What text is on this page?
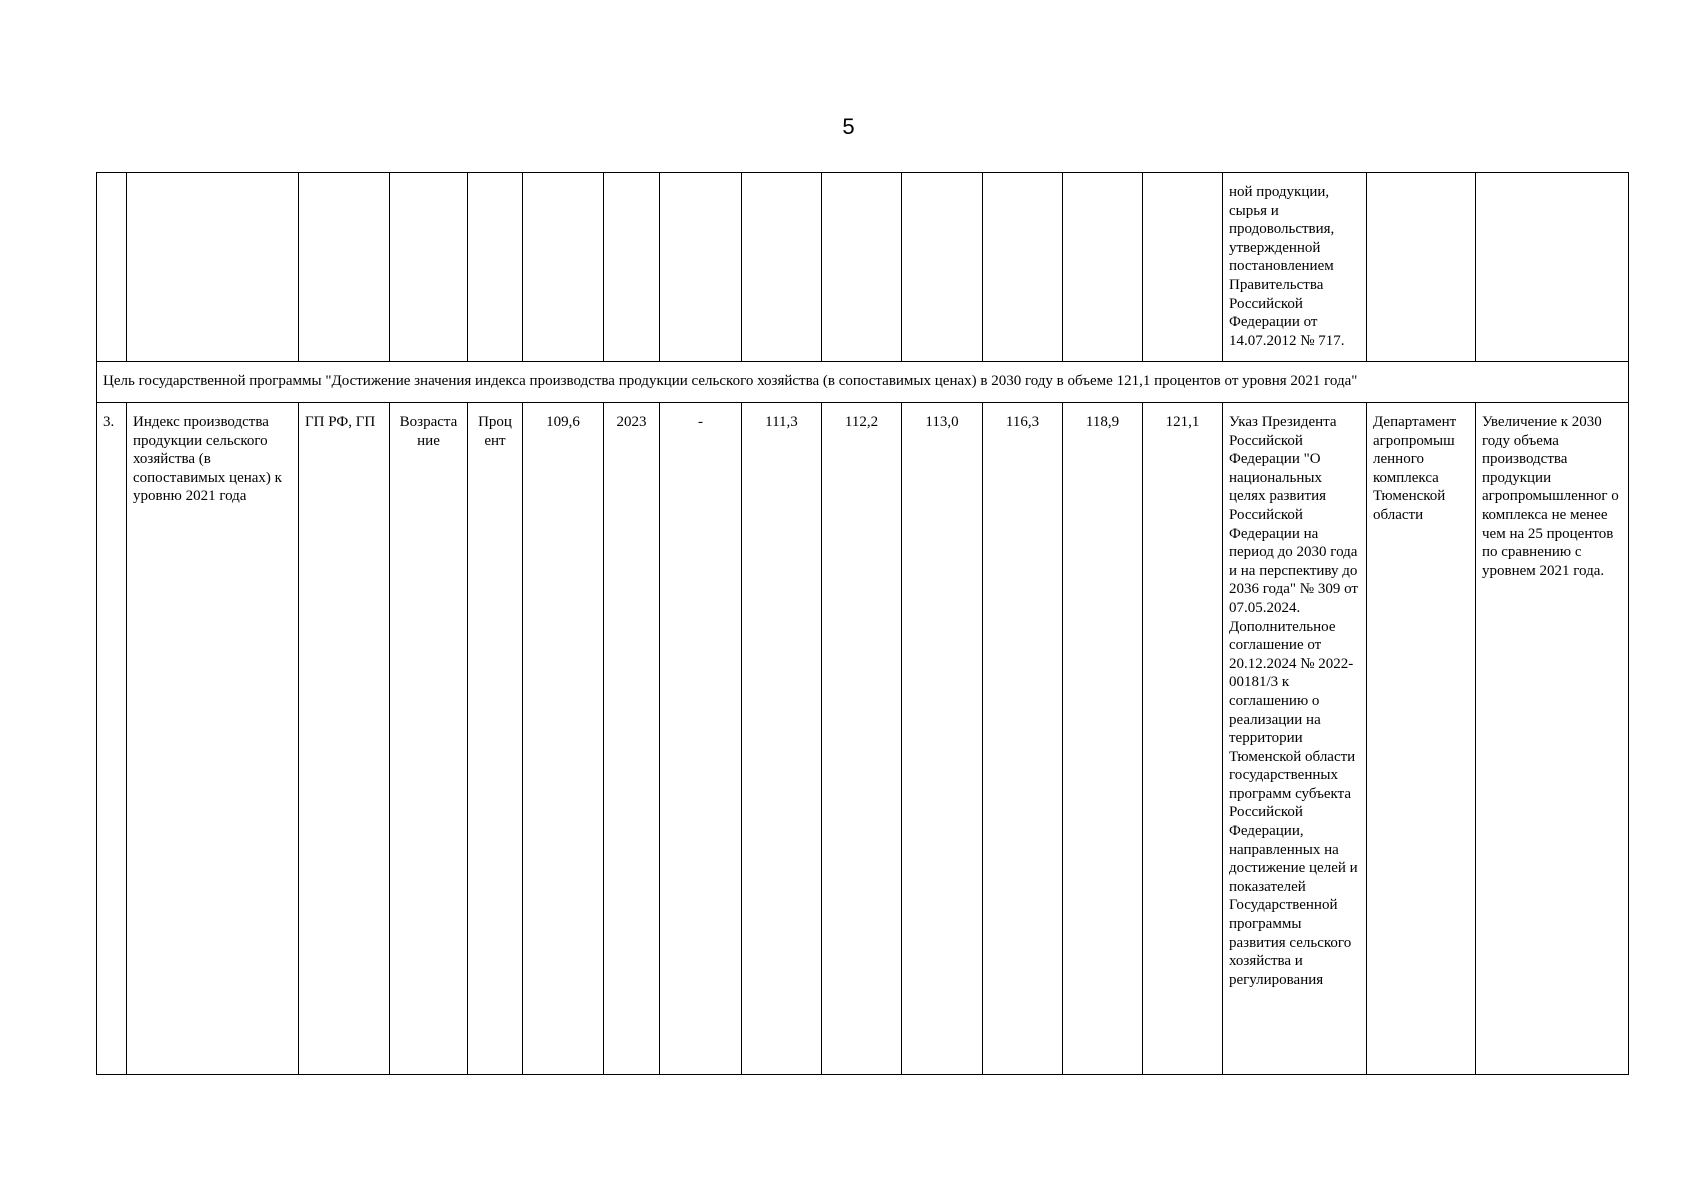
5
														ной продукции, сырья и продовольствия, утвержденной постановлением Правительства Российской Федерации от 14.07.2012 № 717.		
Цель государственной программы "Достижение значения индекса производства продукции сельского хозяйства (в сопоставимых ценах) в 2030 году в объеме 121,1 процентов от уровня 2021 года"																
3.	Индекс производства продукции сельского хозяйства (в сопоставимых ценах) к уровню 2021 года	ГП РФ, ГП	Возраста ние	Проц ент	109,6	2023	-	111,3	112,2	113,0	116,3	118,9	121,1	Указ Президента Российской Федерации "О национальных целях развития Российской Федерации на период до 2030 года и на перспективу до 2036 года" № 309 от 07.05.2024. Дополнительное соглашение от 20.12.2024 № 2022-00181/3 к соглашению о реализации на территории Тюменской области государственных программ субъекта Российской Федерации, направленных на достижение целей и показателей Государственной программы развития сельского хозяйства и регулирования	Департамент агропромыш ленного комплекса Тюменской области	Увеличение к 2030 году объема производства продукции агропромышленног о комплекса не менее чем на 25 процентов по сравнению с уровнем 2021 года.
